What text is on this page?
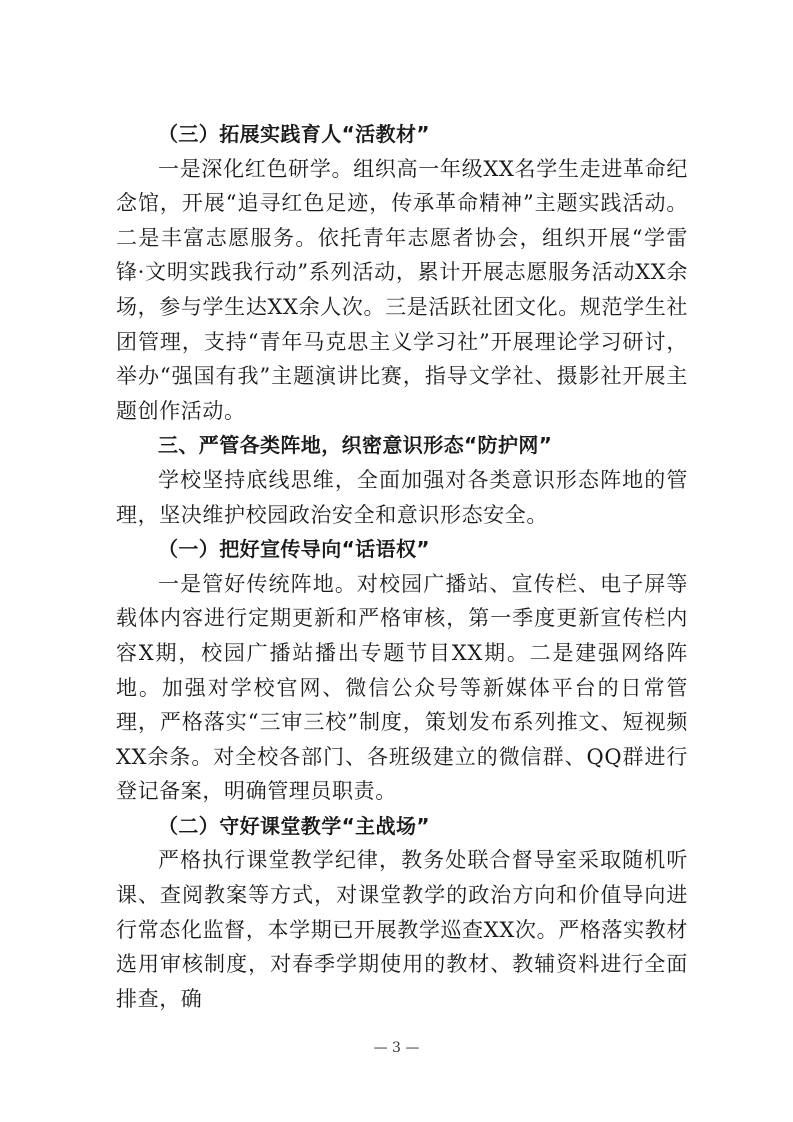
（三）拓展实践育人“活教材”

一是深化红色研学。组织高一年级XX名学生走进革命纪念馆，开展“追寻红色足迹，传承革命精神”主题实践活动。二是丰富志愿服务。依托青年志愿者协会，组织开展“学雷锋·文明实践我行动”系列活动，累计开展志愿服务活动XX余场，参与学生达XX余人次。三是活跃社团文化。规范学生社团管理，支持“青年马克思主义学习社”开展理论学习研讨，举办“强国有我”主题演讲比赛，指导文学社、摄影社开展主题创作活动。

三、严管各类阵地，织密意识形态“防护网”

学校坚持底线思维，全面加强对各类意识形态阵地的管理，坚决维护校园政治安全和意识形态安全。

（一）把好宣传导向“话语权”

一是管好传统阵地。对校园广播站、宣传栏、电子屏等载体内容进行定期更新和严格审核，第一季度更新宣传栏内容X期，校园广播站播出专题节目XX期。二是建强网络阵地。加强对学校官网、微信公众号等新媒体平台的日常管理，严格落实“三审三校”制度，策划发布系列推文、短视频XX余条。对全校各部门、各班级建立的微信群、QQ群进行登记备案，明确管理员职责。

（二）守好课堂教学“主战场”

严格执行课堂教学纪律，教务处联合督导室采取随机听课、查阅教案等方式，对课堂教学的政治方向和价值导向进行常态化监督，本学期已开展教学巡查XX次。严格落实教材选用审核制度，对春季学期使用的教材、教辅资料进行全面排查，确

— 3 —
